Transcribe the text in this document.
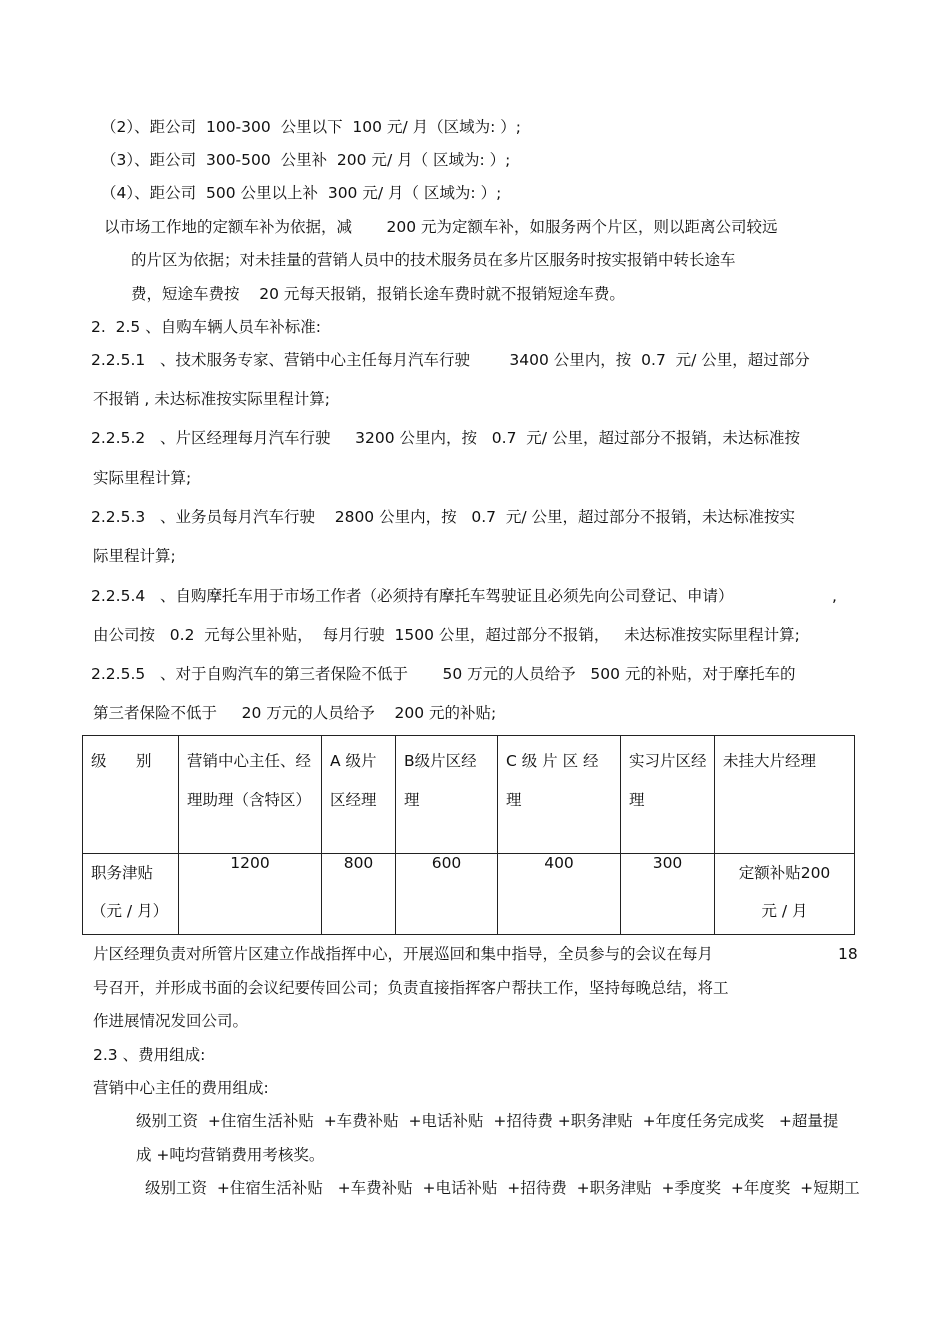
（2）、距公司  100-300  公里以下  100 元/ 月（区域为: ）;
（3）、距公司  300-500  公里补  200 元/ 月（ 区域为: ）;
（4）、距公司  500 公里以上补  300 元/ 月（ 区域为: ）;
以市场工作地的定额车补为依据，减       200 元为定额车补，如服务两个片区，则以距离公司较远
的片区为依据；对未挂量的营销人员中的技术服务员在多片区服务时按实报销中转长途车
费，短途车费按    20 元每天报销，报销长途车费时就不报销短途车费。
2.  2.5 、自购车辆人员车补标准:
2.2.5.1   、技术服务专家、营销中心主任每月汽车行驶        3400 公里内，按  0.7  元/ 公里，超过部分
不报销 , 未达标准按实际里程计算;
2.2.5.2   、片区经理每月汽车行驶     3200 公里内，按   0.7  元/ 公里，超过部分不报销，未达标准按
实际里程计算;
2.2.5.3   、业务员每月汽车行驶    2800 公里内，按   0.7  元/ 公里，超过部分不报销，未达标准按实
际里程计算;
2.2.5.4   、自购摩托车用于市场工作者（必须持有摩托车驾驶证且必须先向公司登记、申请）	,
由公司按   0.2  元每公里补贴，  每月行驶  1500 公里，超过部分不报销，   未达标准按实际里程计算;
2.2.5.5   、对于自购汽车的第三者保险不低于       50 万元的人员给予   500 元的补贴，对于摩托车的
第三者保险不低于     20 万元的人员给予    200 元的补贴;
级      别	营销中心主任、经理助理（含特区）	A 级片区经理	B级片区经理	C 级 片 区 经理	实习片区经理	未挂大片经理

职务津贴（元 / 月）	1200	800	600	400	300	定额补贴200 元 / 月
片区经理负责对所管片区建立作战指挥中心，开展巡回和集中指导，全员参与的会议在每月	18
号召开，并形成书面的会议纪要传回公司；负责直接指挥客户帮扶工作，坚持每晚总结，将工
作进展情况发回公司。
2.3 、费用组成:
营销中心主任的费用组成:
级别工资  +住宿生活补贴  +车费补贴  +电话补贴  +招待费 +职务津贴  +年度任务完成奖   +超量提
成 +吨均营销费用考核奖。
级别工资  +住宿生活补贴   +车费补贴  +电话补贴  +招待费  +职务津贴  +季度奖  +年度奖  +短期工
